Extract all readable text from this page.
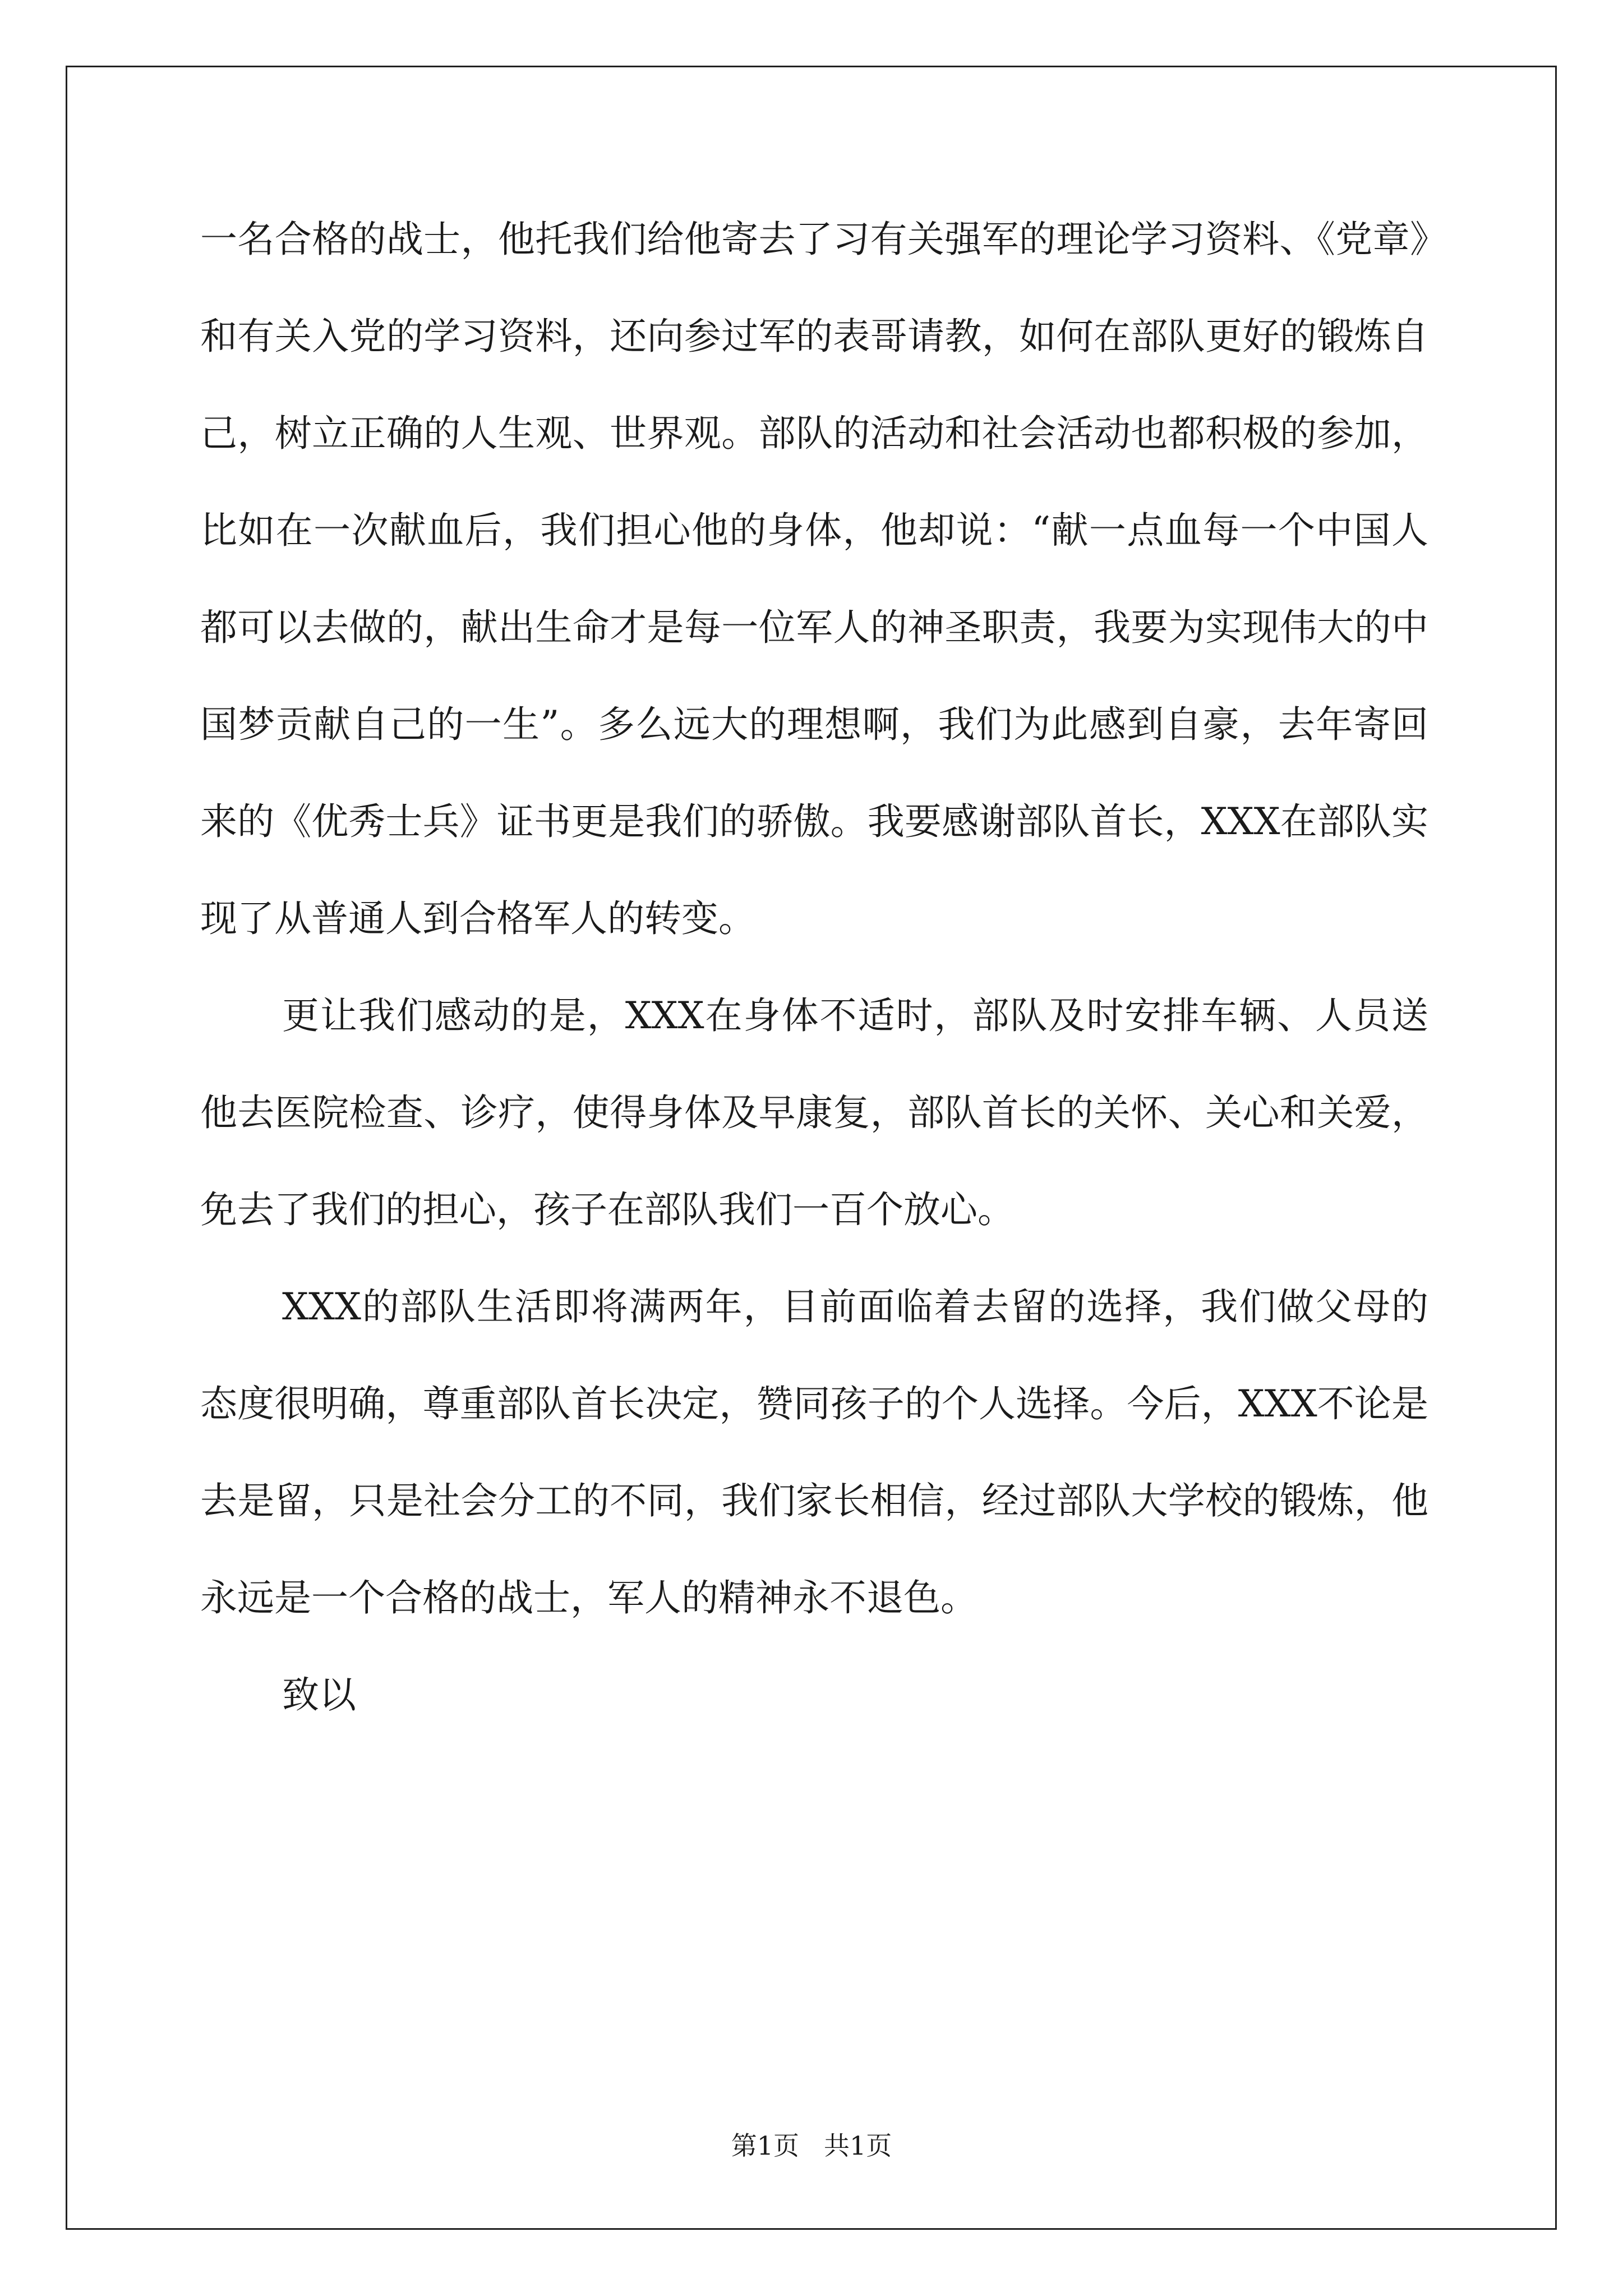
一名合格的战士，他托我们给他寄去了习有关强军的理论学习资料、《党章》和有关入党的学习资料，还向参过军的表哥请教，如何在部队更好的锻炼自己，树立正确的人生观、世界观。部队的活动和社会活动也都积极的参加，比如在一次献血后，我们担心他的身体，他却说：“献一点血每一个中国人都可以去做的，献出生命才是每一位军人的神圣职责，我要为实现伟大的中国梦贡献自己的一生”。多么远大的理想啊，我们为此感到自豪，去年寄回来的《优秀士兵》证书更是我们的骄傲。我要感谢部队首长，XXX在部队实现了从普通人到合格军人的转变。

更让我们感动的是，XXX在身体不适时，部队及时安排车辆、人员送他去医院检查、诊疗，使得身体及早康复，部队首长的关怀、关心和关爱，免去了我们的担心，孩子在部队我们一百个放心。

XXX的部队生活即将满两年，目前面临着去留的选择，我们做父母的态度很明确，尊重部队首长决定，赞同孩子的个人选择。今后，XXX不论是去是留，只是社会分工的不同，我们家长相信，经过部队大学校的锻炼，他永远是一个合格的战士，军人的精神永不退色。

致以

第1页 共1页
